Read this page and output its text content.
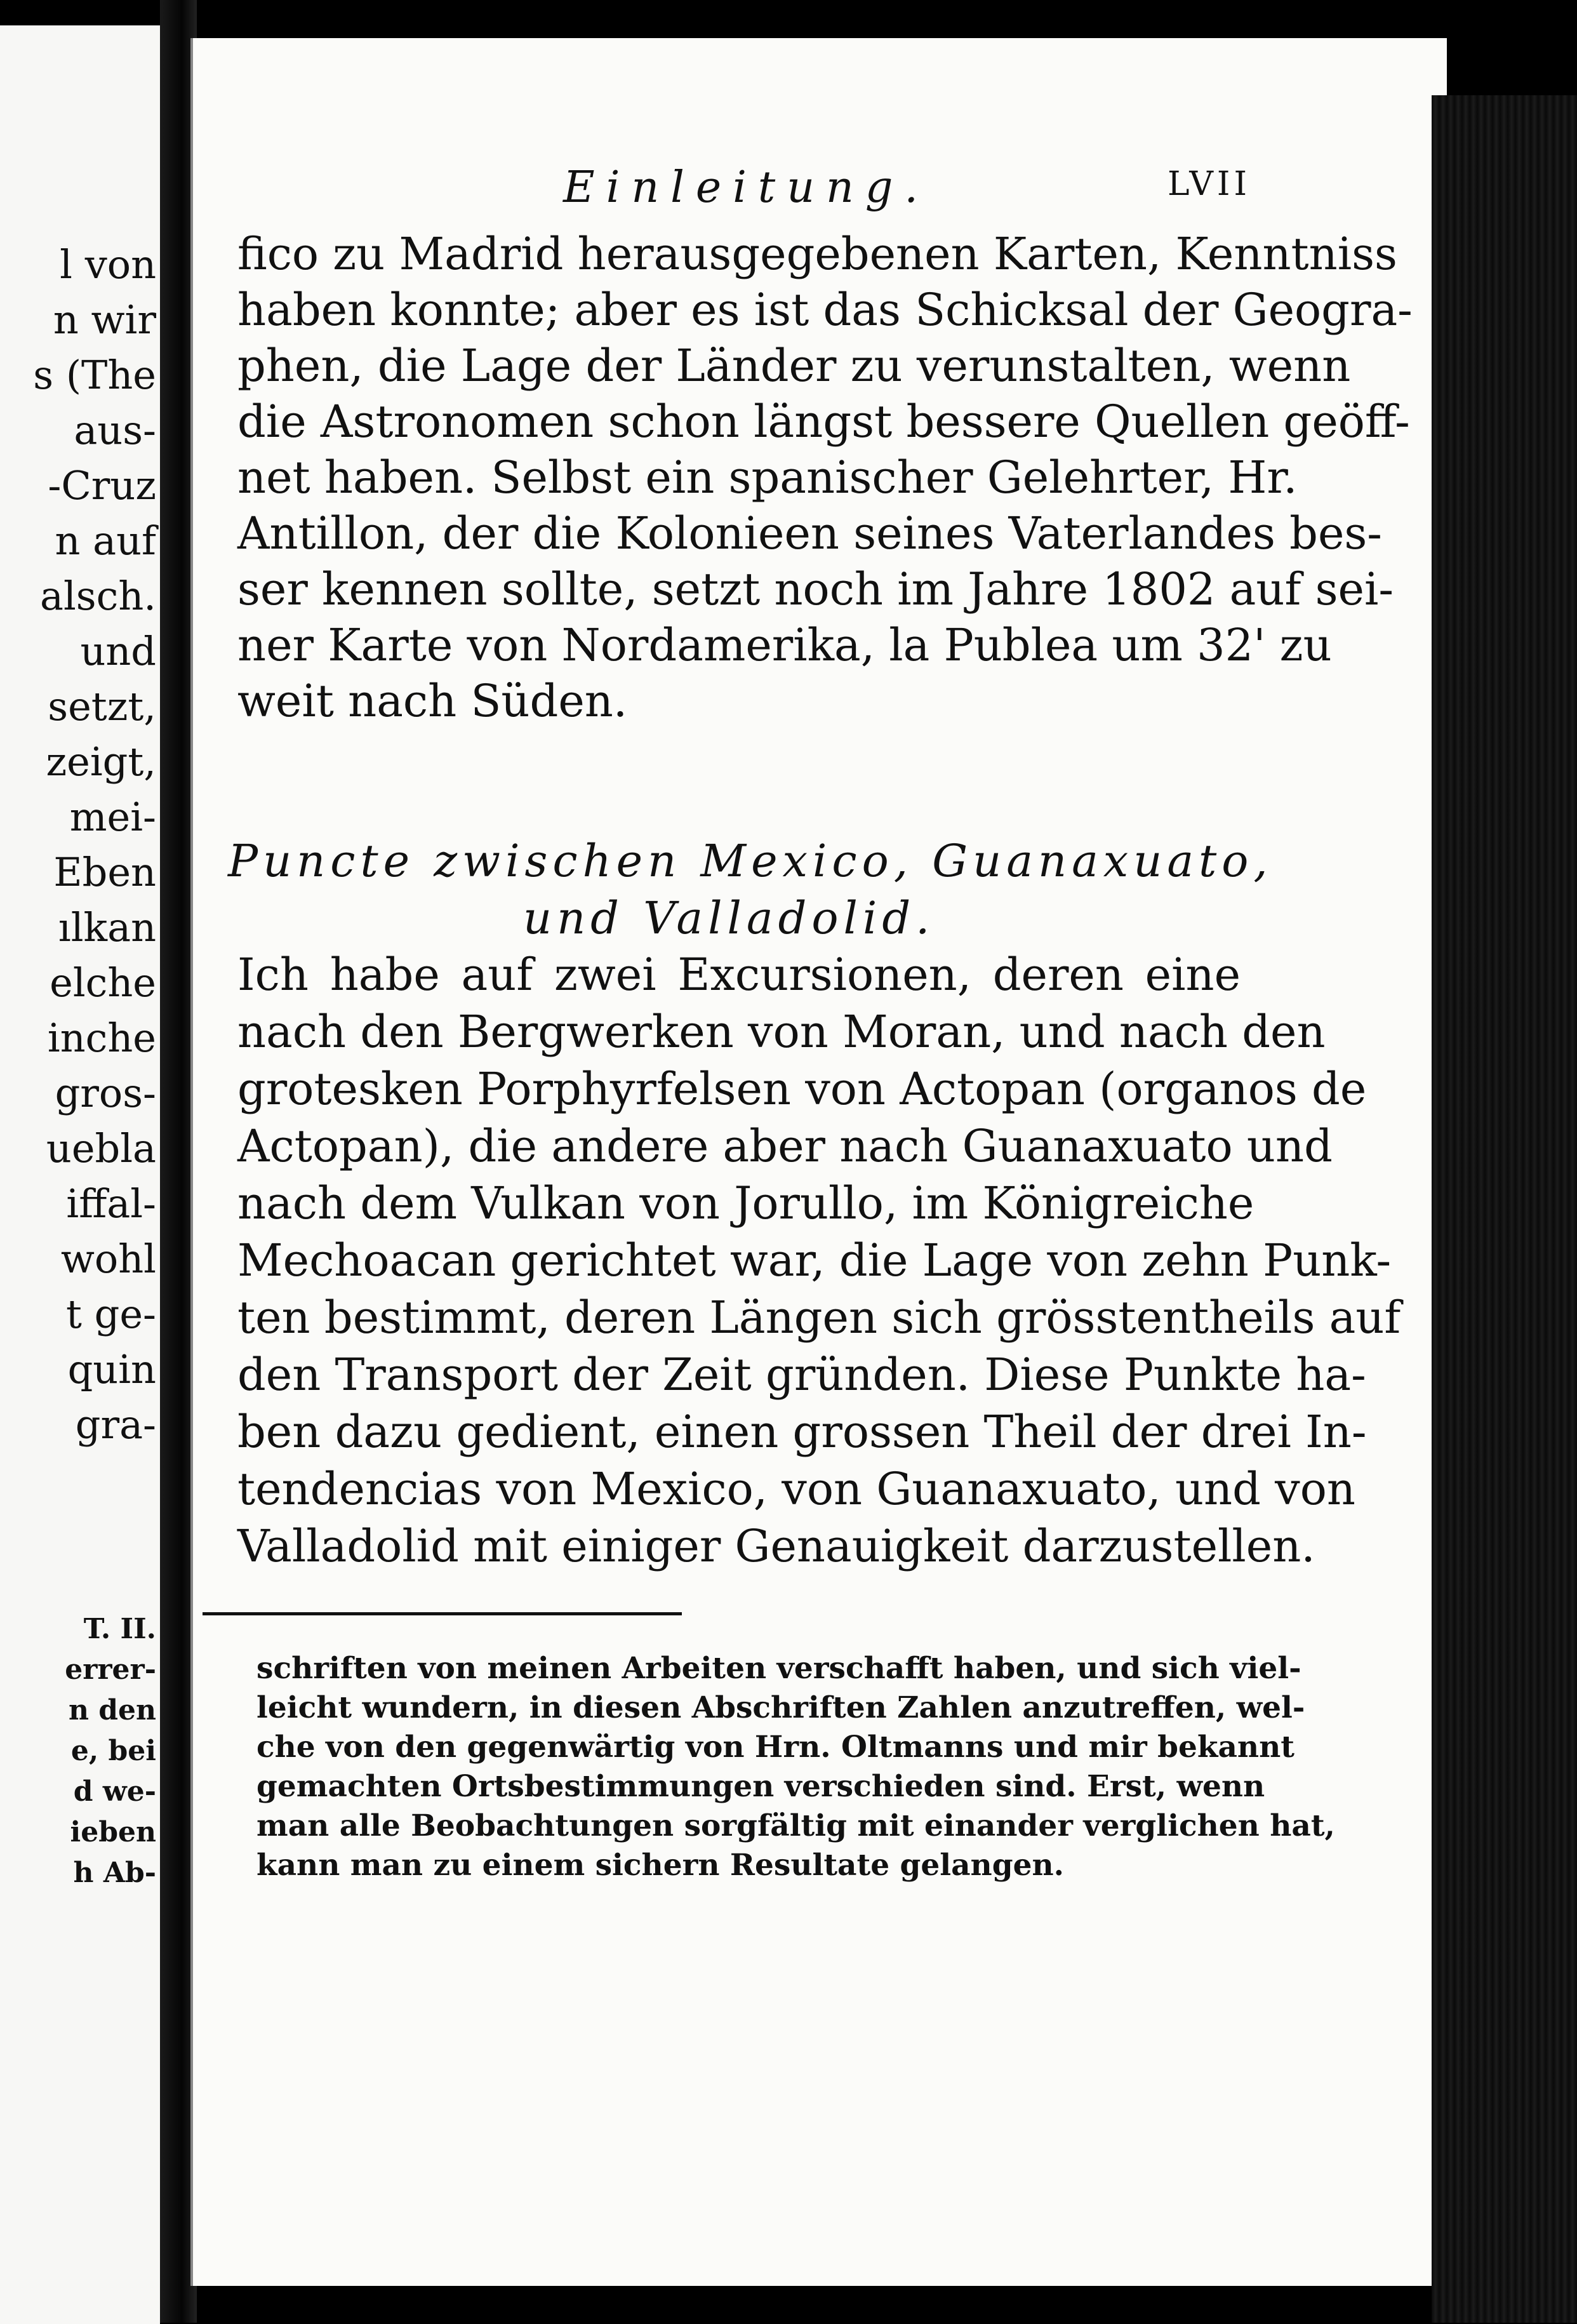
l von
n wir
s (The
aus-
-Cruz
n auf
alsch.
und
setzt,
zeigt,
mei-
Eben
ılkan
elche
inche
gros-
uebla
iffal-
wohl
t ge-
quin
gra-
T. II.
errer-
n den
e, bei
d we-
ieben
h Ab-
Einleitung.	LVII
fico zu Madrid herausgegebenen Karten, Kenntniss
haben konnte; aber es ist das Schicksal der Geogra-
phen, die Lage der Länder zu verunstalten, wenn
die Astronomen schon längst bessere Quellen geöff-
net haben. Selbst ein spanischer Gelehrter, Hr.
Antillon, der die Kolonieen seines Vaterlandes bes-
ser kennen sollte, setzt noch im Jahre 1802 auf sei-
ner Karte von Nordamerika, la Publea um 32' zu
weit nach Süden.
Puncte zwischen Mexico, Guanaxuato,
und Valladolid.
Ich habe auf zwei Excursionen, deren eine
nach den Bergwerken von Moran, und nach den
grotesken Porphyrfelsen von Actopan (organos de
Actopan), die andere aber nach Guanaxuato und
nach dem Vulkan von Jorullo, im Königreiche
Mechoacan gerichtet war, die Lage von zehn Punk-
ten bestimmt, deren Längen sich grösstentheils auf
den Transport der Zeit gründen. Diese Punkte ha-
ben dazu gedient, einen grossen Theil der drei In-
tendencias von Mexico, von Guanaxuato, und von
Valladolid mit einiger Genauigkeit darzustellen.
schriften von meinen Arbeiten verschafft haben, und sich viel-
leicht wundern, in diesen Abschriften Zahlen anzutreffen, wel-
che von den gegenwärtig von Hrn. Oltmanns und mir bekannt
gemachten Ortsbestimmungen verschieden sind. Erst, wenn
man alle Beobachtungen sorgfältig mit einander verglichen hat,
kann man zu einem sichern Resultate gelangen.
